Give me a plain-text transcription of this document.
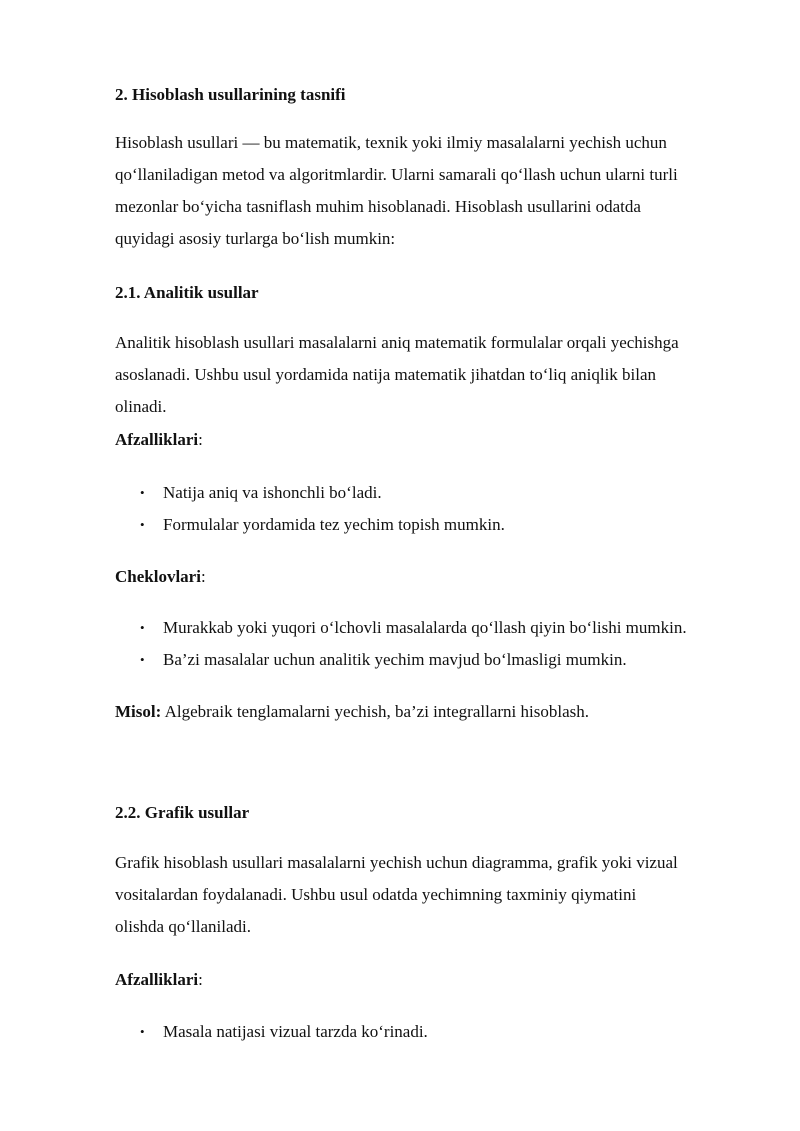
2. Hisoblash usullarining tasnifi
Hisoblash usullari — bu matematik, texnik yoki ilmiy masalalarni yechish uchun
qo‘llaniladigan metod va algoritmlardir. Ularni samarali qo‘llash uchun ularni turli
mezonlar bo‘yicha tasniflash muhim hisoblanadi. Hisoblash usullarini odatda
quyidagi asosiy turlarga bo‘lish mumkin:
2.1. Analitik usullar
Analitik hisoblash usullari masalalarni aniq matematik formulalar orqali yechishga
asoslanadi. Ushbu usul yordamida natija matematik jihatdan to‘liq aniqlik bilan
olinadi.
Afzalliklari:
• Natija aniq va ishonchli bo‘ladi.
• Formulalar yordamida tez yechim topish mumkin.
Cheklovlari:
• Murakkab yoki yuqori o‘lchovli masalalarda qo‘llash qiyin bo‘lishi mumkin.
• Ba’zi masalalar uchun analitik yechim mavjud bo‘lmasligi mumkin.
Misol: Algebraik tenglamalarni yechish, ba’zi integrallarni hisoblash.
2.2. Grafik usullar
Grafik hisoblash usullari masalalarni yechish uchun diagramma, grafik yoki vizual
vositalardan foydalanadi. Ushbu usul odatda yechimning taxminiy qiymatini
olishda qo‘llaniladi.
Afzalliklari:
• Masala natijasi vizual tarzda ko‘rinadi.
